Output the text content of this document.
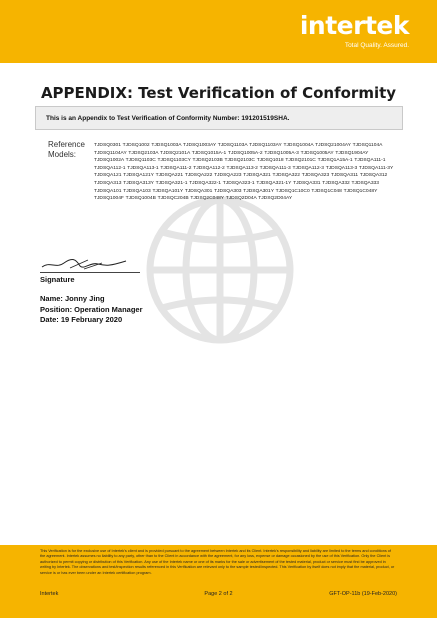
intertek
Total Quality. Assured.
APPENDIX: Test Verification of Conformity
This is an Appendix to Test Verification of Conformity Number: 191201519SHA.
Reference
Models:
TJDSQ0301 TJDSQ1002 TJDSQ1003A TJDSQ1003AY TJDSQ1103A TJDSQ1103AY TJDSQ1004A TJDSQ21004AY TJDSQ1104A TJDSQ1104AY TJDSQ2103A TJDSQ2101A TJDSQ1015A-1 TJDSQ1005A-2 TJDSQ1005A-3 TJDSQ1005AY TJDSQ1904AY TJDSQ1002A TJDSQ1103C TJDSQ1103CY TJDSQ2103B TJDSQ2103C TJDSQ1018 TJDSQ2101C TJDSQ1A15A-1 TJDSQA111-1 TJDSQA112-1 TJDSQA113-1 TJDSQA111-2 TJDSQA112-2 TJDSQA113-2 TJDSQA111-3 TJDSQA112-3 TJDSQA113-3 TJDSQA111-3Y TJDSQA121 TJDSQA121Y TJDSQA221 TJDSQA222 TJDSQA223 TJDSQA321 TJDSQA322 TJDSQA323 TJDSQA311 TJDSQA312 TJDSQA313 TJDSQA313Y TJDSQA321-1 TJDSQA322-1 TJDSQA323-1 TJDSQA321-1Y TJDSQA331 TJDSQA332 TJDSQA333 TJDSQA101 TJDSQA103 TJDSQA101Y TJDSQA301 TJDSQA303 TJDSQA301Y TJDSQ1C10C0 TJDSQ1C048 TJDSQ1C048Y TJDSQ1004F TJDSQ1004B TJDSQC204B TJDSQ2C048Y TJDSQ2D04A TJDSQ2D04AY
Signature
Name: Jonny Jing
Position: Operation Manager
Date: 19 February 2020
This Verification is for the exclusive use of Intertek's client and is provided pursuant to the agreement between Intertek and its Client. Intertek's responsibility and liability are limited to the terms and conditions of the agreement. Intertek assumes no liability to any party, other than to the Client in accordance with the agreement, for any loss, expense or damage occasioned by the use of this Verification. Only the Client is authorized to permit copying or distribution of this Verification. Any use of the Intertek name or one of its marks for the sale or advertisement of the tested material, product or service must first be approved in writing by Intertek. The observations and test/inspection results referenced in this Verification are relevant only to the sample tested/inspected. This Verification by itself does not imply that the material, product, or service is or has ever been under an Intertek certification program.
Page 2 of 2
Intertek	GFT-OP-11b (19-Feb-2020)
